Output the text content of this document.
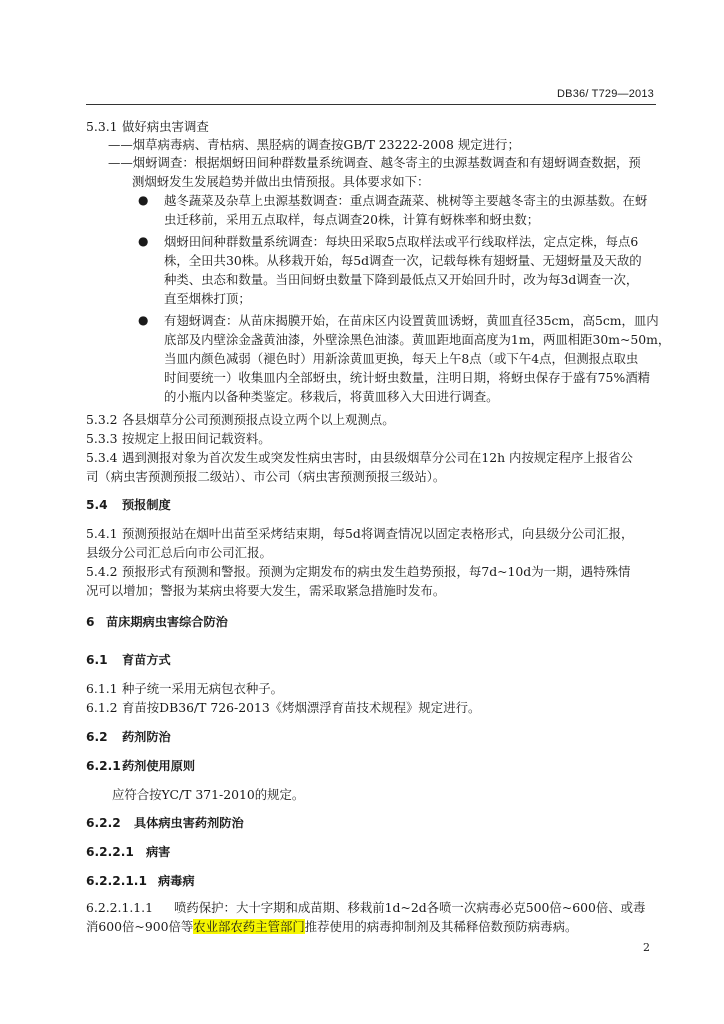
DB36/ T729—2013
5.3.1 做好病虫害调查
——烟草病毒病、青枯病、黑胫病的调查按GB/T 23222-2008 规定进行；
——烟蚜调查：根据烟蚜田间种群数量系统调查、越冬寄主的虫源基数调查和有翅蚜调查数据，预
测烟蚜发生发展趋势并做出虫情预报。具体要求如下：
● 越冬蔬菜及杂草上虫源基数调查：重点调查蔬菜、桃树等主要越冬寄主的虫源基数。在蚜
虫迁移前，采用五点取样，每点调查20株，计算有蚜株率和蚜虫数；
● 烟蚜田间种群数量系统调查：每块田采取5点取样法或平行线取样法，定点定株，每点6
株，全田共30株。从移栽开始，每5d调查一次，记载每株有翅蚜量、无翅蚜量及天敌的
种类、虫态和数量。当田间蚜虫数量下降到最低点又开始回升时，改为每3d调查一次，
直至烟株打顶；
● 有翅蚜调查：从苗床揭膜开始，在苗床区内设置黄皿诱蚜，黄皿直径35cm，高5cm，皿内
底部及内壁涂金盏黄油漆，外壁涂黑色油漆。黄皿距地面高度为1m，两皿相距30m~50m，
当皿内颜色减弱（褪色时）用新涂黄皿更换，每天上午8点（或下午4点，但测报点取虫
时间要统一）收集皿内全部蚜虫，统计蚜虫数量，注明日期，将蚜虫保存于盛有75%酒精
的小瓶内以备种类鉴定。移栽后，将黄皿移入大田进行调查。
5.3.2 各县烟草分公司预测预报点设立两个以上观测点。
5.3.3 按规定上报田间记载资料。
5.3.4 遇到测报对象为首次发生或突发性病虫害时，由县级烟草分公司在12h 内按规定程序上报省公
司（病虫害预测预报二级站）、市公司（病虫害预测预报三级站）。
5.4 预报制度
5.4.1 预测预报站在烟叶出苗至采烤结束期，每5d将调查情况以固定表格形式，向县级分公司汇报，
县级分公司汇总后向市公司汇报。
5.4.2 预报形式有预测和警报。预测为定期发布的病虫发生趋势预报，每7d~10d为一期，遇特殊情
况可以增加；警报为某病虫将要大发生，需采取紧急措施时发布。
6 苗床期病虫害综合防治
6.1 育苗方式
6.1.1 种子统一采用无病包衣种子。
6.1.2 育苗按DB36/T 726-2013《烤烟漂浮育苗技术规程》规定进行。
6.2 药剂防治
6.2.1药剂使用原则
应符合按YC/T 371-2010的规定。
6.2.2 具体病虫害药剂防治
6.2.2.1 病害
6.2.2.1.1 病毒病
6.2.2.1.1.1 喷药保护：大十字期和成苗期、移栽前1d~2d各喷一次病毒必克500倍~600倍、或毒
消600倍~900倍等农业部农药主管部门推荐使用的病毒抑制剂及其稀释倍数预防病毒病。
2
